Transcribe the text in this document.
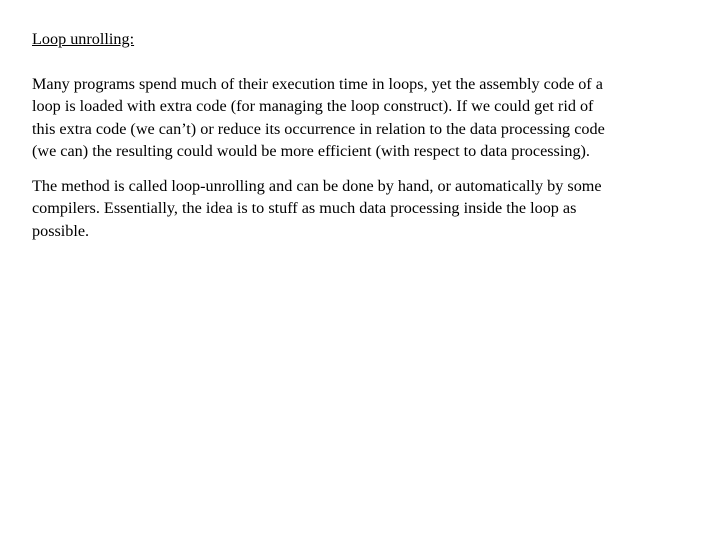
Loop unrolling:
Many programs spend much of their execution time in loops, yet the assembly code of a
loop is loaded with extra code (for managing the loop construct). If we could get rid of
this extra code (we can’t) or reduce its occurrence in relation to the data processing code
(we can) the resulting could would be more efficient (with respect to data processing).
The method is called loop-unrolling and can be done by hand, or automatically by some
compilers. Essentially, the idea is to stuff as much data processing inside the loop as
possible.
